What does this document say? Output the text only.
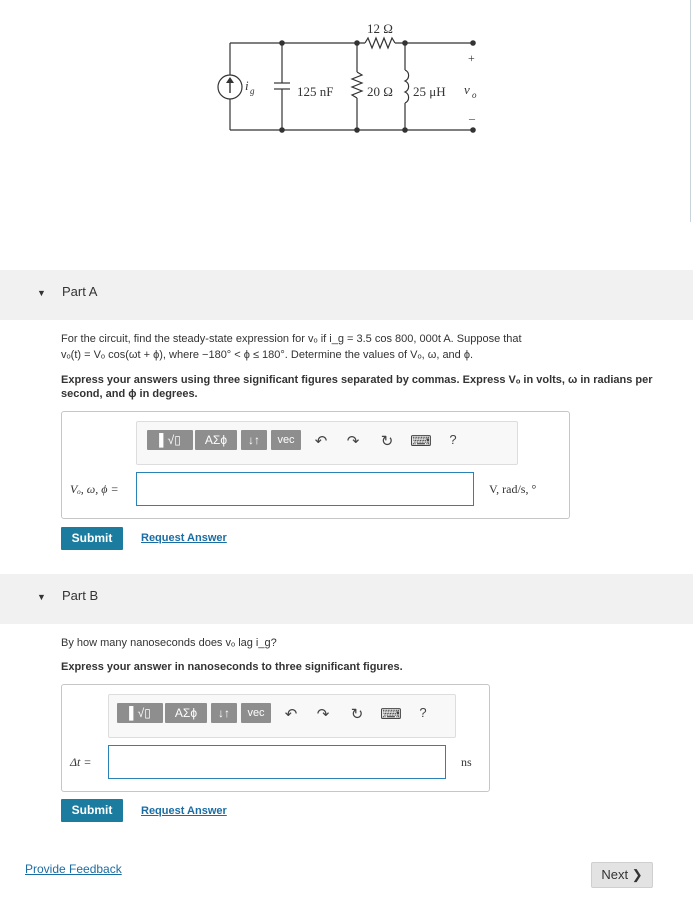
12 Ω
i g	125 nF	20 Ω 25 μH v o
+
–
▼ Part A
For the circuit, find the steady-state expression for vₒ if i_g = 3.5 cos 800, 000t A. Suppose that
vₒ(t) = Vₒ cos(ωt + ϕ), where −180° < ϕ ≤ 180°. Determine the values of Vₒ, ω, and ϕ.
Express your answers using three significant figures separated by commas. Express Vₒ in volts, ω in radians per
second, and ϕ in degrees.
▌√▯	ΑΣϕ	↓↑	vec	↶ ↷ ↻ ⌨	?
Vₒ, ω, ϕ =	V, rad/s, °
Submit	Request Answer
▼ Part B
By how many nanoseconds does vₒ lag i_g?
Express your answer in nanoseconds to three significant figures.
▌√▯	ΑΣϕ	↓↑	vec	↶ ↷ ↻ ⌨	?
Δt =	ns
Submit	Request Answer
Provide Feedback	Next ❯
